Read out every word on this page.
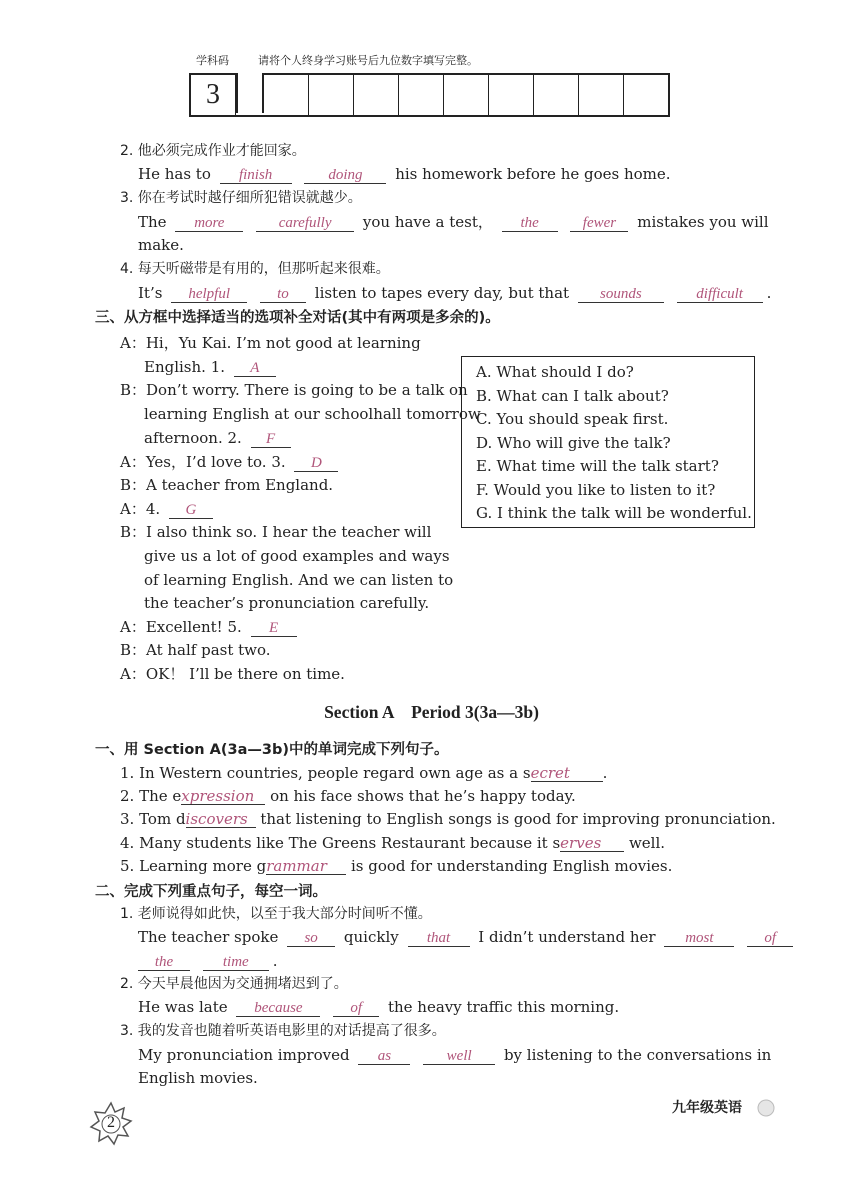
学科码	请将个人终身学习账号后九位数字填写完整。
3
2. 他必须完成作业才能回家。
He has to finish	doing his homework before he goes home.
3. 你在考试时越仔细所犯错误就越少。
The more	carefully you have a test， the	fewer mistakes you will
make.
4. 每天听磁带是有用的，但那听起来很难。
It’s helpful	to listen to tapes every day, but that sounds	difficult .
三、从方框中选择适当的选项补全对话(其中有两项是多余的)。
A：Hi，Yu Kai. I’m not good at learning
English. 1. A
B：Don’t worry. There is going to be a talk on
learning English at our schoolhall tomorrow
afternoon. 2. F
A：Yes，I’d love to. 3. D
B：A teacher from England.
A：4. G
B：I also think so. I hear the teacher will
give us a lot of good examples and ways
of learning English. And we can listen to
the teacher’s pronunciation carefully.
A：Excellent! 5. E
B：At half past two.
A：OK！ I’ll be there on time.
A. What should I do?
B. What can I talk about?
C. You should speak first.
D. Who will give the talk?
E. What time will the talk start?
F. Would you like to listen to it?
G. I think the talk will be wonderful.
Section A    Period 3(3a—3b)
一、用 Section A(3a—3b)中的单词完成下列句子。
1. In Western countries, people regard own age as a secret .
2. The expression on his face shows that he’s happy today.
3. Tom discovers that listening to English songs is good for improving pronunciation.
4. Many students like The Greens Restaurant because it serves well.
5. Learning more grammar is good for understanding English movies.
二、完成下列重点句子，每空一词。
1. 老师说得如此快，以至于我大部分时间听不懂。
The teacher spoke so quickly that I didn’t understand her most	of
the	time .
2. 今天早晨他因为交通拥堵迟到了。
He was late because	of the heavy traffic this morning.
3. 我的发音也随着听英语电影里的对话提高了很多。
My pronunciation improved as	well by listening to the conversations in
English movies.
2
九年级英语
